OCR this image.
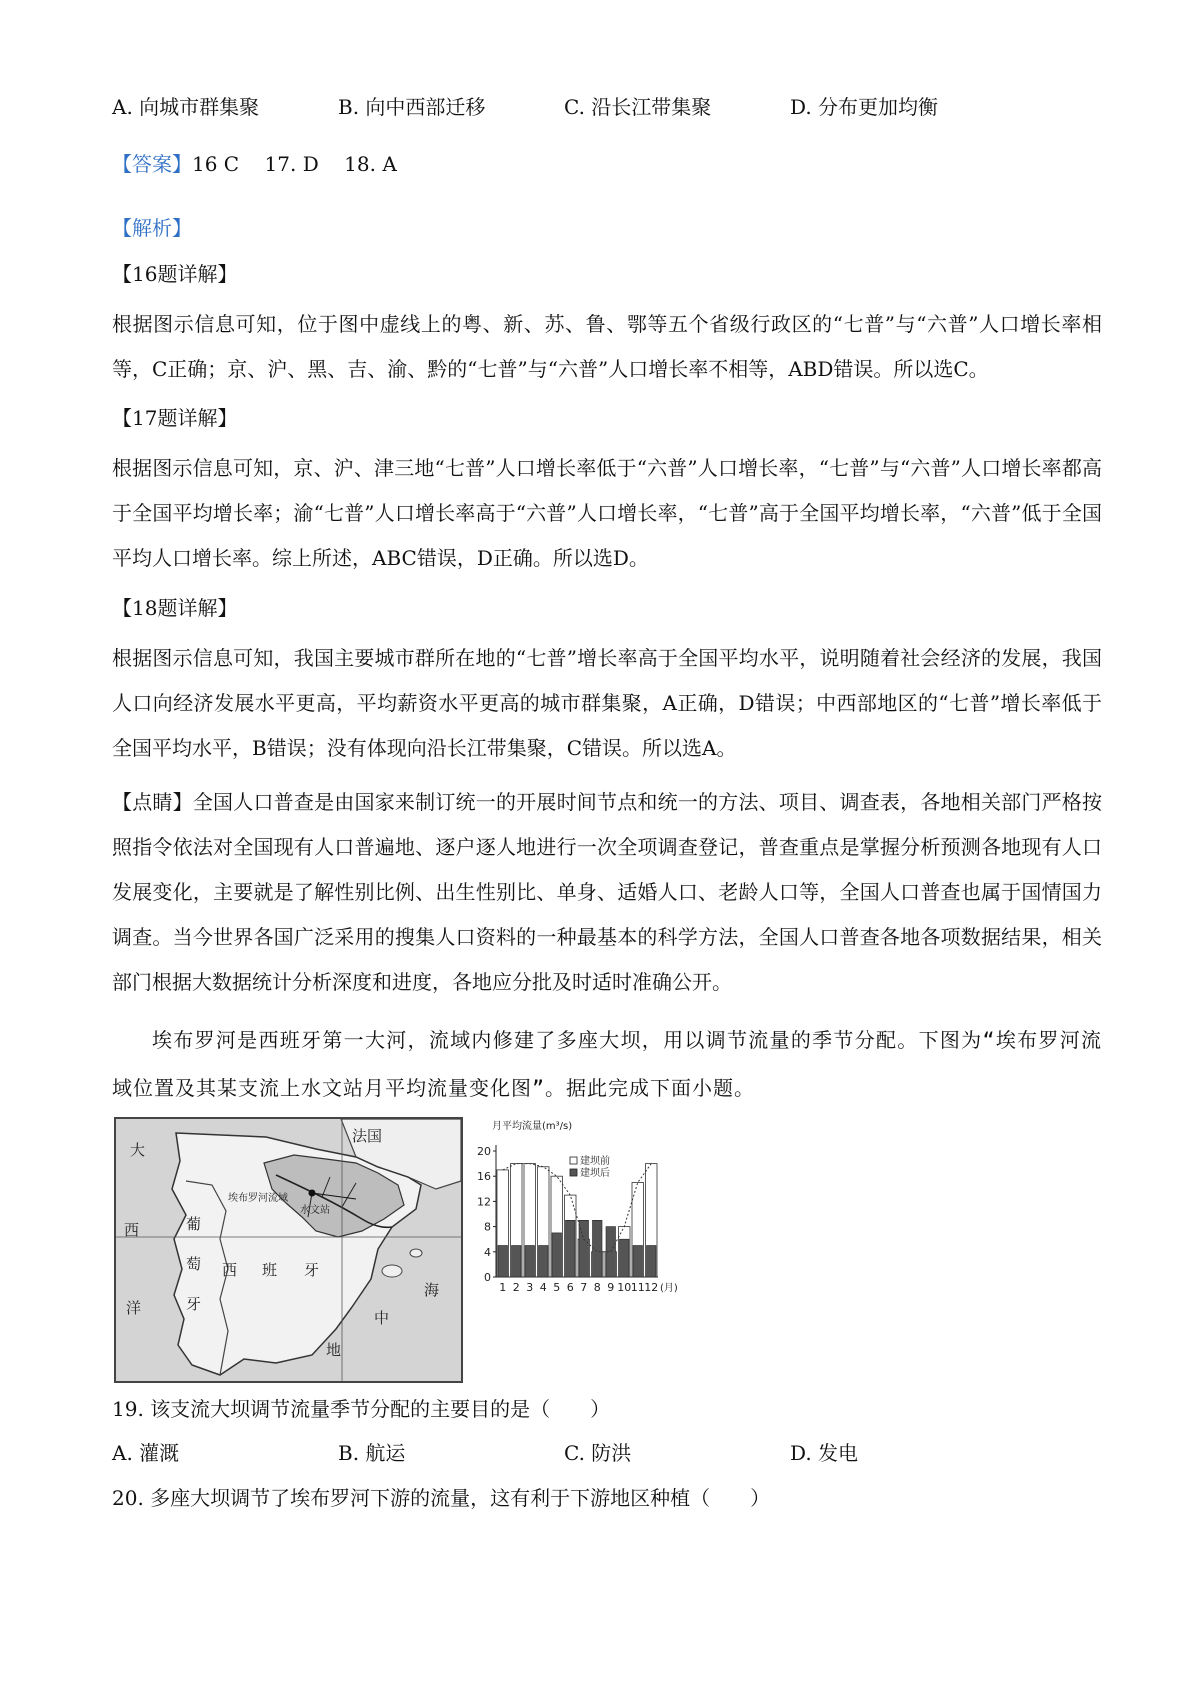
A. 向城市群集聚	B. 向中西部迁移	C. 沿长江带集聚	D. 分布更加均衡
【答案】16 C    17. D    18. A
【解析】
【16题详解】
根据图示信息可知，位于图中虚线上的粤、新、苏、鲁、鄂等五个省级行政区的“七普”与“六普”人口增长率相等，C正确；京、沪、黑、吉、渝、黔的“七普”与“六普”人口增长率不相等，ABD错误。所以选C。
【17题详解】
根据图示信息可知，京、沪、津三地“七普”人口增长率低于“六普”人口增长率，“七普”与“六普”人口增长率都高于全国平均增长率；渝“七普”人口增长率高于“六普”人口增长率，“七普”高于全国平均增长率，“六普”低于全国平均人口增长率。综上所述，ABC错误，D正确。所以选D。
【18题详解】
根据图示信息可知，我国主要城市群所在地的“七普”增长率高于全国平均水平，说明随着社会经济的发展，我国人口向经济发展水平更高，平均薪资水平更高的城市群集聚，A正确，D错误；中西部地区的“七普”增长率低于全国平均水平，B错误；没有体现向沿长江带集聚，C错误。所以选A。
【点睛】全国人口普查是由国家来制订统一的开展时间节点和统一的方法、项目、调查表，各地相关部门严格按照指令依法对全国现有人口普遍地、逐户逐人地进行一次全项调查登记，普查重点是掌握分析预测各地现有人口发展变化，主要就是了解性别比例、出生性别比、单身、适婚人口、老龄人口等，全国人口普查也属于国情国力调查。当今世界各国广泛采用的搜集人口资料的一种最基本的科学方法，全国人口普查各地各项数据结果，相关部门根据大数据统计分析深度和进度，各地应分批及时适时准确公开。
埃布罗河是西班牙第一大河，流域内修建了多座大坝，用以调节流量的季节分配。下图为“埃布罗河流域位置及其某支流上水文站月平均流量变化图”。据此完成下面小题。
大
西
洋
法国
葡
萄
牙
西 班 牙
埃布罗河流域
水文站
海
中
地
月平均流量(m³/s)
0
4
8
12
16
20
1 2 3 4 5 6 7 8 9 10 11 12 (月)
建坝前
建坝后
19. 该支流大坝调节流量季节分配的主要目的是（　　）
A. 灌溉	B. 航运	C. 防洪	D. 发电
20. 多座大坝调节了埃布罗河下游的流量，这有利于下游地区种植（　　）
